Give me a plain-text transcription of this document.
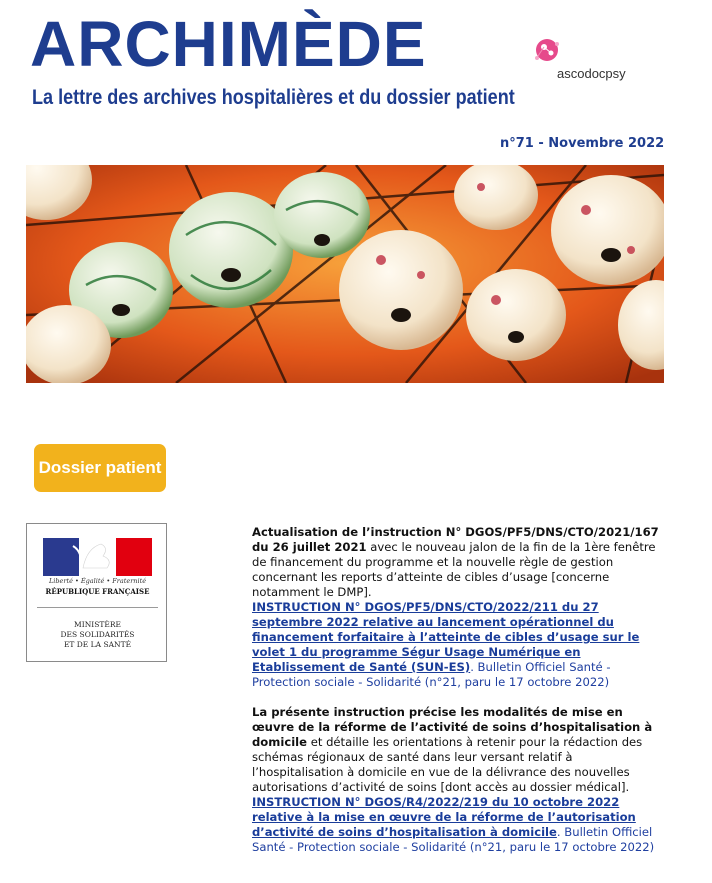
ARCHIMÈDE
La lettre des archives hospitalières et du dossier patient
ascodocpsy
n°71 - Novembre 2022
Dossier patient
Liberté • Égalité • Fraternité
RÉPUBLIQUE FRANÇAISE
MINISTÈRE
DES SOLIDARITÉS
ET DE LA SANTÉ
Actualisation de l’instruction N° DGOS/PF5/DNS/CTO/2021/167 du 26 juillet 2021 avec le nouveau jalon de la fin de la 1ère fenêtre de financement du programme et la nouvelle règle de gestion concernant les reports d’atteinte de cibles d’usage [concerne notamment le DMP].
INSTRUCTION N° DGOS/PF5/DNS/CTO/2022/211 du 27 septembre 2022 relative au lancement opérationnel du financement forfaitaire à l’atteinte de cibles d’usage sur le volet 1 du programme Ségur Usage Numérique en Etablissement de Santé (SUN-ES). Bulletin Officiel Santé - Protection sociale - Solidarité (n°21, paru le 17 octobre 2022)
La présente instruction précise les modalités de mise en œuvre de la réforme de l’activité de soins d’hospitalisation à domicile et détaille les orientations à retenir pour la rédaction des schémas régionaux de santé dans leur versant relatif à l’hospitalisation à domicile en vue de la délivrance des nouvelles autorisations d’activité de soins [dont accès au dossier médical].
INSTRUCTION N° DGOS/R4/2022/219 du 10 octobre 2022 relative à la mise en œuvre de la réforme de l’autorisation d’activité de soins d’hospitalisation à domicile. Bulletin Officiel Santé - Protection sociale - Solidarité (n°21, paru le 17 octobre 2022)
